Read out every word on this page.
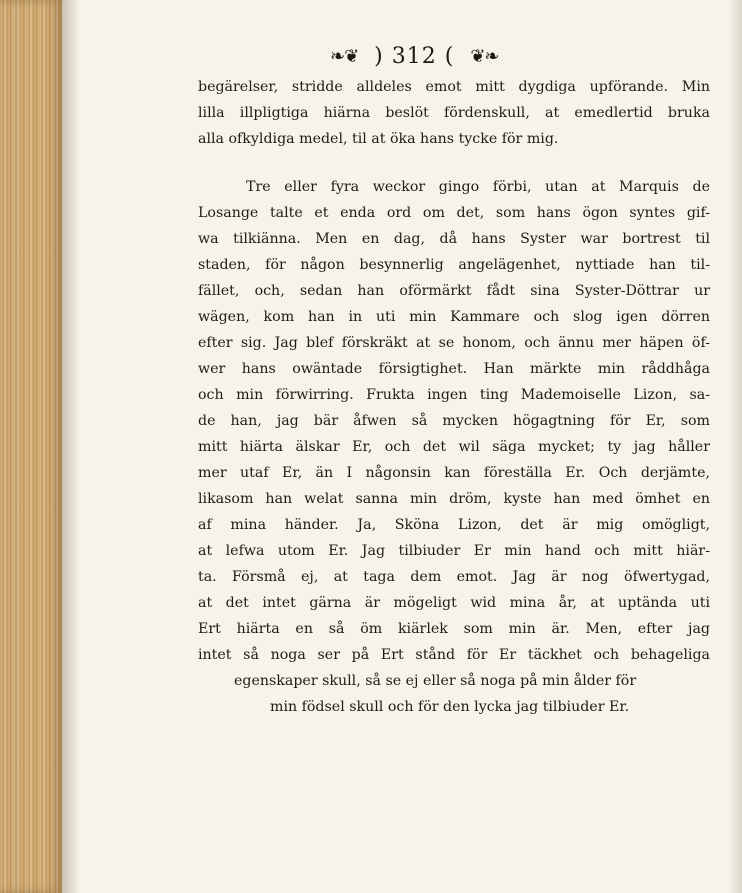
❧❦ ) 312 ( ❦❧
begärelser, stridde alldeles emot mitt dygdiga upförande. Min
lilla illpligtiga hiärna beslöt fördenskull, at emedlertid bruka
alla ofkyldiga medel, til at öka hans tycke för mig.
Tre eller fyra weckor gingo förbi, utan at Marquis de
Losange talte et enda ord om det, som hans ögon syntes gif-
wa tilkiänna. Men en dag, då hans Syster war bortrest til
staden, för någon besynnerlig angelägenhet, nyttiade han til-
fället, och, sedan han oförmärkt fådt sina Syster-Döttrar ur
wägen, kom han in uti min Kammare och slog igen dörren
efter sig. Jag blef förskräkt at se honom, och ännu mer häpen öf-
wer hans owäntade försigtighet. Han märkte min råddhåga
och min förwirring. Frukta ingen ting Mademoiselle Lizon, sa-
de han, jag bär åfwen så mycken högagtning för Er, som
mitt hiärta älskar Er, och det wil säga mycket; ty jag håller
mer utaf Er, än I någonsin kan föreställa Er. Och derjämte,
likasom han welat sanna min dröm, kyste han med ömhet en
af mina händer. Ja, Sköna Lizon, det är mig omögligt,
at lefwa utom Er. Jag tilbiuder Er min hand och mitt hiär-
ta. Försmå ej, at taga dem emot. Jag är nog öfwertygad,
at det intet gärna är mögeligt wid mina år, at uptända uti
Ert hiärta en så öm kiärlek som min är. Men, efter jag
intet så noga ser på Ert stånd för Er täckhet och behageliga
egenskaper skull, så se ej eller så noga på min ålder för
min födsel skull och för den lycka jag tilbiuder Er.
